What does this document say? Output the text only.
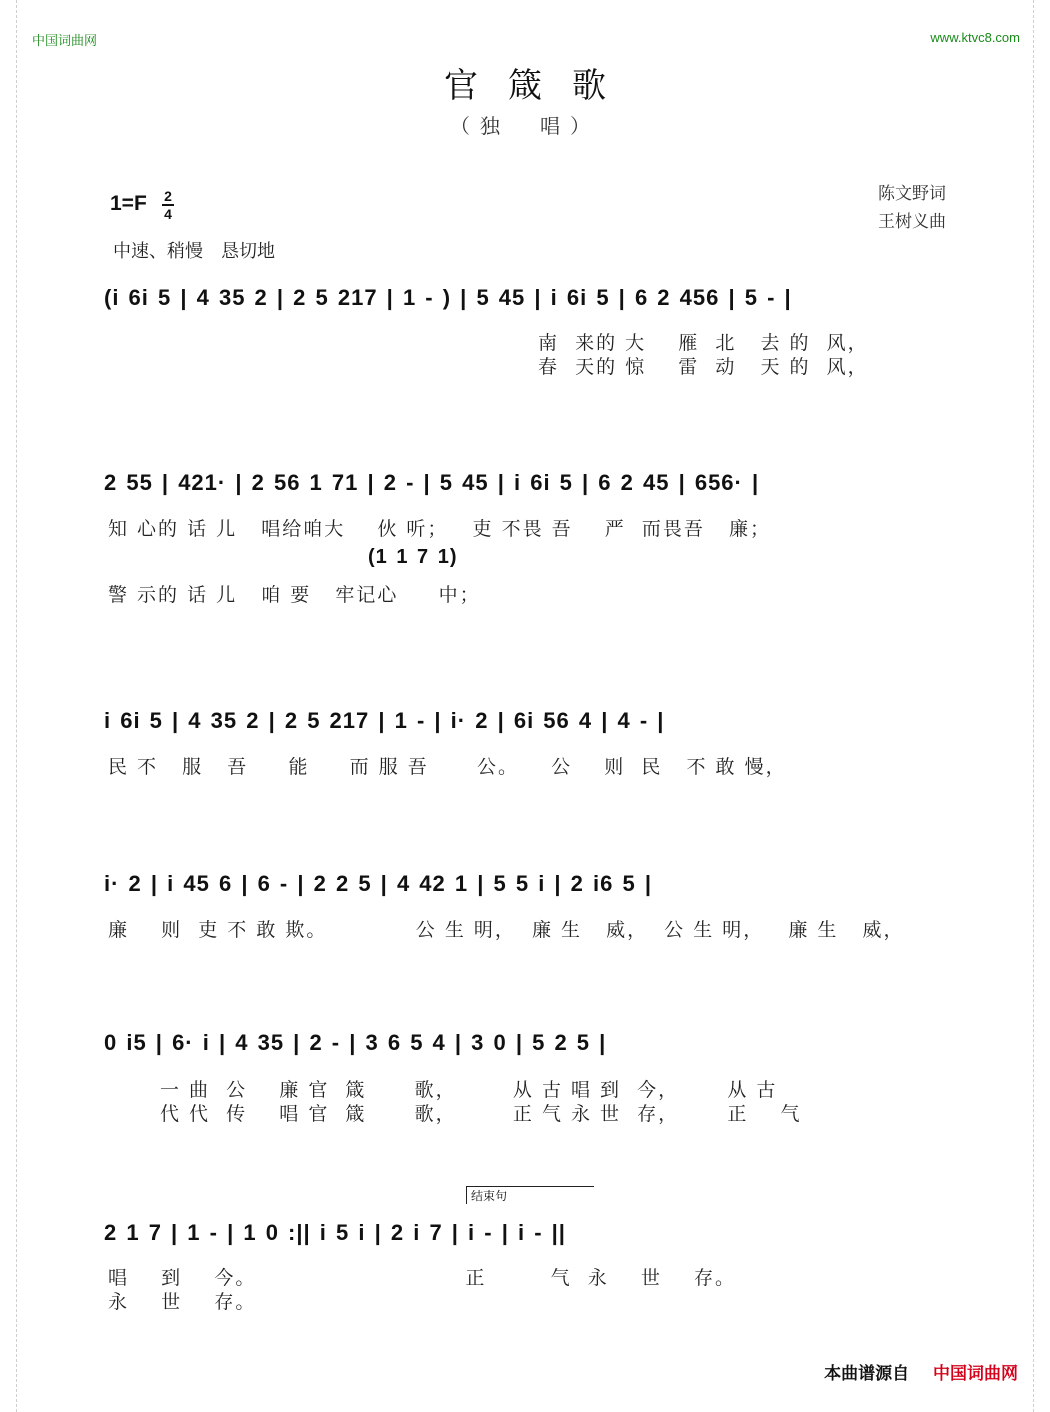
中国词曲网	www.ktvc8.com
官箴歌
（独　唱）
陈文野词
王树义曲
1=F 2
4
中速、稍慢　恳切地
(i 6i 5 | 4 35 2 | 2 5 217 | 1 - ) | 5 45 | i 6i 5 | 6 2 456 | 5 - |
南  来的 大    雁  北   去 的  风，
春  天的 惊    雷  动   天 的  风，
2 55 | 421· | 2 56 1 71 | 2 - | 5 45 | i 6i 5 | 6 2 45 | 656· |
知 心的 话 儿   唱给咱大    伙 听；   吏 不畏 吾    严  而畏吾   廉；
(1 1 7 1)
警 示的 话 儿   咱 要   牢记心     中；
i 6i 5 | 4 35 2 | 2 5 217 | 1 - | i· 2 | 6i 56 4 | 4 - |
民 不   服   吾     能     而 服 吾      公。    公    则  民   不 敢 慢，
i· 2 | i 45 6 | 6 - | 2 2 5 | 4 42 1 | 5 5 i | 2 i6 5 |
廉    则  吏 不 敢 欺。           公 生 明，  廉 生   威，  公 生 明，   廉 生   威，
0 i5 | 6· i | 4 35 | 2 - | 3 6 5 4 | 3 0 | 5 2 5 |
一 曲  公    廉 官  箴      歌，       从 古 唱 到  今，      从 古
代 代  传    唱 官  箴      歌，       正 气 永 世  存，      正    气
结束句
2 1 7 | 1 - | 1 0 :|| i 5 i | 2 i 7 | i - | i - ||
唱    到    今。                          正        气  永    世    存。
永    世    存。
本曲谱源自 中国词曲网
